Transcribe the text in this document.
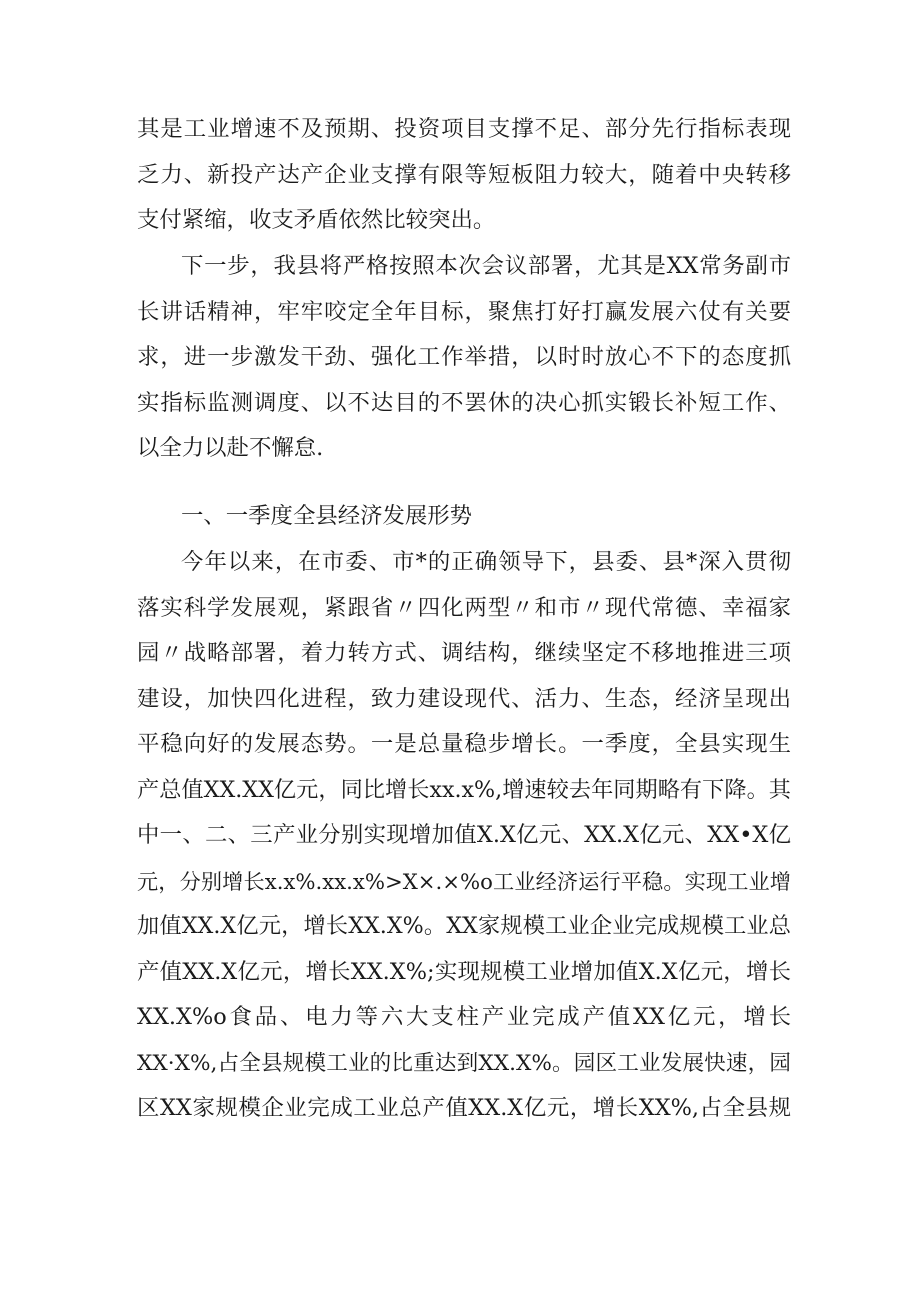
其是工业增速不及预期、投资项目支撑不足、部分先行指标表现
乏力、新投产达产企业支撑有限等短板阻力较大，随着中央转移
支付紧缩，收支矛盾依然比较突出。
下一步，我县将严格按照本次会议部署，尤其是XX常务副市
长讲话精神，牢牢咬定全年目标，聚焦打好打赢发展六仗有关要
求，进一步激发干劲、强化工作举措，以时时放心不下的态度抓
实指标监测调度、以不达目的不罢休的决心抓实锻长补短工作、
以全力以赴不懈怠.
一、一季度全县经济发展形势
今年以来，在市委、市*的正确领导下，县委、县*深入贯彻
落实科学发展观，紧跟省〃四化两型〃和市〃现代常德、幸福家
园〃战略部署，着力转方式、调结构，继续坚定不移地推进三项
建设，加快四化进程，致力建设现代、活力、生态，经济呈现出
平稳向好的发展态势。一是总量稳步增长。一季度，全县实现生
产总值XX.XX亿元，同比增长xx.x%,增速较去年同期略有下降。其
中一、二、三产业分别实现增加值X.X亿元、XX.X亿元、XX•X亿
元，分别增长x.x%.xx.x%>X×.×%o工业经济运行平稳。实现工业增
加值XX.X亿元，增长XX.X%。XX家规模工业企业完成规模工业总
产值XX.X亿元，增长XX.X%;实现规模工业增加值X.X亿元，增长
XX.X%o食品、电力等六大支柱产业完成产值XX亿元，增长
XX·X%,占全县规模工业的比重达到XX.X%。园区工业发展快速，园
区XX家规模企业完成工业总产值XX.X亿元，增长XX%,占全县规
